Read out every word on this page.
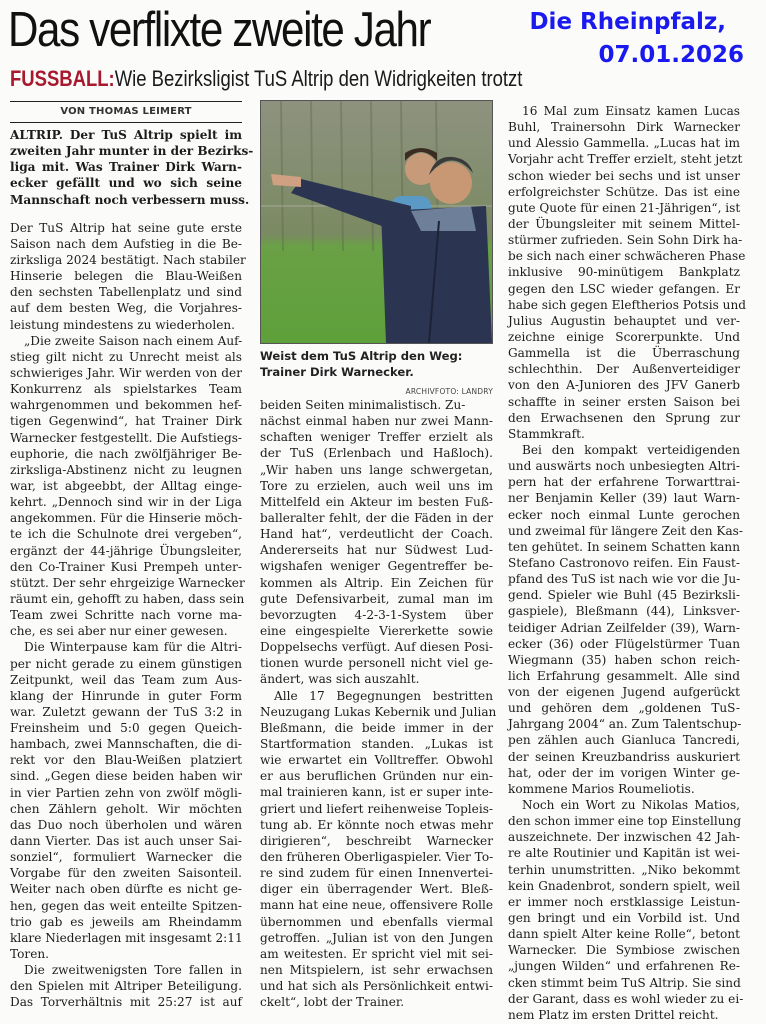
Das verflixte zweite Jahr	Die Rheinpfalz,
07.01.2026
FUSSBALL:Wie Bezirksligist TuS Altrip den Widrigkeiten trotzt
VON THOMAS LEIMERT
ALTRIP. Der TuS Altrip spielt im
zweiten Jahr munter in der Bezirks-
liga mit. Was Trainer Dirk Warn-
ecker gefällt und wo sich seine
Mannschaft noch verbessern muss.
Der TuS Altrip hat seine gute erste
Saison nach dem Aufstieg in die Be-
zirksliga 2024 bestätigt. Nach stabiler
Hinserie belegen die Blau-Weißen
den sechsten Tabellenplatz und sind
auf dem besten Weg, die Vorjahres-
leistung mindestens zu wiederholen.
„Die zweite Saison nach einem Auf-
stieg gilt nicht zu Unrecht meist als
schwieriges Jahr. Wir werden von der
Konkurrenz als spielstarkes Team
wahrgenommen und bekommen hef-
tigen Gegenwind“, hat Trainer Dirk
Warnecker festgestellt. Die Aufstiegs-
euphorie, die nach zwölfjähriger Be-
zirksliga-Abstinenz nicht zu leugnen
war, ist abgeebbt, der Alltag einge-
kehrt. „Dennoch sind wir in der Liga
angekommen. Für die Hinserie möch-
te ich die Schulnote drei vergeben“,
ergänzt der 44-jährige Übungsleiter,
den Co-Trainer Kusi Prempeh unter-
stützt. Der sehr ehrgeizige Warnecker
räumt ein, gehofft zu haben, dass sein
Team zwei Schritte nach vorne ma-
che, es sei aber nur einer gewesen.
Die Winterpause kam für die Altri-
per nicht gerade zu einem günstigen
Zeitpunkt, weil das Team zum Aus-
klang der Hinrunde in guter Form
war. Zuletzt gewann der TuS 3:2 in
Freinsheim und 5:0 gegen Queich-
hambach, zwei Mannschaften, die di-
rekt vor den Blau-Weißen platziert
sind. „Gegen diese beiden haben wir
in vier Partien zehn von zwölf mögli-
chen Zählern geholt. Wir möchten
das Duo noch überholen und wären
dann Vierter. Das ist auch unser Sai-
sonziel“, formuliert Warnecker die
Vorgabe für den zweiten Saisonteil.
Weiter nach oben dürfte es nicht ge-
hen, gegen das weit enteilte Spitzen-
trio gab es jeweils am Rheindamm
klare Niederlagen mit insgesamt 2:11
Toren.
Die zweitwenigsten Tore fallen in
den Spielen mit Altriper Beteiligung.
Das Torverhältnis mit 25:27 ist auf
Weist dem TuS Altrip den Weg: Trainer Dirk Warnecker.
ARCHIVFOTO: LANDRY
beiden Seiten minimalistisch. Zu-
nächst einmal haben nur zwei Mann-
schaften weniger Treffer erzielt als
der TuS (Erlenbach und Haßloch).
„Wir haben uns lange schwergetan,
Tore zu erzielen, auch weil uns im
Mittelfeld ein Akteur im besten Fuß-
balleralter fehlt, der die Fäden in der
Hand hat“, verdeutlicht der Coach.
Andererseits hat nur Südwest Lud-
wigshafen weniger Gegentreffer be-
kommen als Altrip. Ein Zeichen für
gute Defensivarbeit, zumal man im
bevorzugten 4-2-3-1-System über
eine eingespielte Viererkette sowie
Doppelsechs verfügt. Auf diesen Posi-
tionen wurde personell nicht viel ge-
ändert, was sich auszahlt.
Alle 17 Begegnungen bestritten
Neuzugang Lukas Kebernik und Julian
Bleßmann, die beide immer in der
Startformation standen. „Lukas ist
wie erwartet ein Volltreffer. Obwohl
er aus beruflichen Gründen nur ein-
mal trainieren kann, ist er super inte-
griert und liefert reihenweise Topleis-
tung ab. Er könnte noch etwas mehr
dirigieren“, beschreibt Warnecker
den früheren Oberligaspieler. Vier To-
re sind zudem für einen Innenvertei-
diger ein überragender Wert. Bleß-
mann hat eine neue, offensivere Rolle
übernommen und ebenfalls viermal
getroffen. „Julian ist von den Jungen
am weitesten. Er spricht viel mit sei-
nen Mitspielern, ist sehr erwachsen
und hat sich als Persönlichkeit entwi-
ckelt“, lobt der Trainer.
16 Mal zum Einsatz kamen Lucas
Buhl, Trainersohn Dirk Warnecker
und Alessio Gammella. „Lucas hat im
Vorjahr acht Treffer erzielt, steht jetzt
schon wieder bei sechs und ist unser
erfolgreichster Schütze. Das ist eine
gute Quote für einen 21-Jährigen“, ist
der Übungsleiter mit seinem Mittel-
stürmer zufrieden. Sein Sohn Dirk ha-
be sich nach einer schwächeren Phase
inklusive 90-minütigem Bankplatz
gegen den LSC wieder gefangen. Er
habe sich gegen Eleftherios Potsis und
Julius Augustin behauptet und ver-
zeichne einige Scorerpunkte. Und
Gammella ist die Überraschung
schlechthin. Der Außenverteidiger
von den A-Junioren des JFV Ganerb
schaffte in seiner ersten Saison bei
den Erwachsenen den Sprung zur
Stammkraft.
Bei den kompakt verteidigenden
und auswärts noch unbesiegten Altri-
pern hat der erfahrene Torwarttrai-
ner Benjamin Keller (39) laut Warn-
ecker noch einmal Lunte gerochen
und zweimal für längere Zeit den Kas-
ten gehütet. In seinem Schatten kann
Stefano Castronovo reifen. Ein Faust-
pfand des TuS ist nach wie vor die Ju-
gend. Spieler wie Buhl (45 Bezirksli-
gaspiele), Bleßmann (44), Linksver-
teidiger Adrian Zeilfelder (39), Warn-
ecker (36) oder Flügelstürmer Tuan
Wiegmann (35) haben schon reich-
lich Erfahrung gesammelt. Alle sind
von der eigenen Jugend aufgerückt
und gehören dem „goldenen TuS-
Jahrgang 2004“ an. Zum Talentschup-
pen zählen auch Gianluca Tancredi,
der seinen Kreuzbandriss auskuriert
hat, oder der im vorigen Winter ge-
kommene Marios Roumeliotis.
Noch ein Wort zu Nikolas Matios,
den schon immer eine top Einstellung
auszeichnete. Der inzwischen 42 Jah-
re alte Routinier und Kapitän ist wei-
terhin unumstritten. „Niko bekommt
kein Gnadenbrot, sondern spielt, weil
er immer noch erstklassige Leistun-
gen bringt und ein Vorbild ist. Und
dann spielt Alter keine Rolle“, betont
Warnecker. Die Symbiose zwischen
„jungen Wilden“ und erfahrenen Re-
cken stimmt beim TuS Altrip. Sie sind
der Garant, dass es wohl wieder zu ei-
nem Platz im ersten Drittel reicht.
